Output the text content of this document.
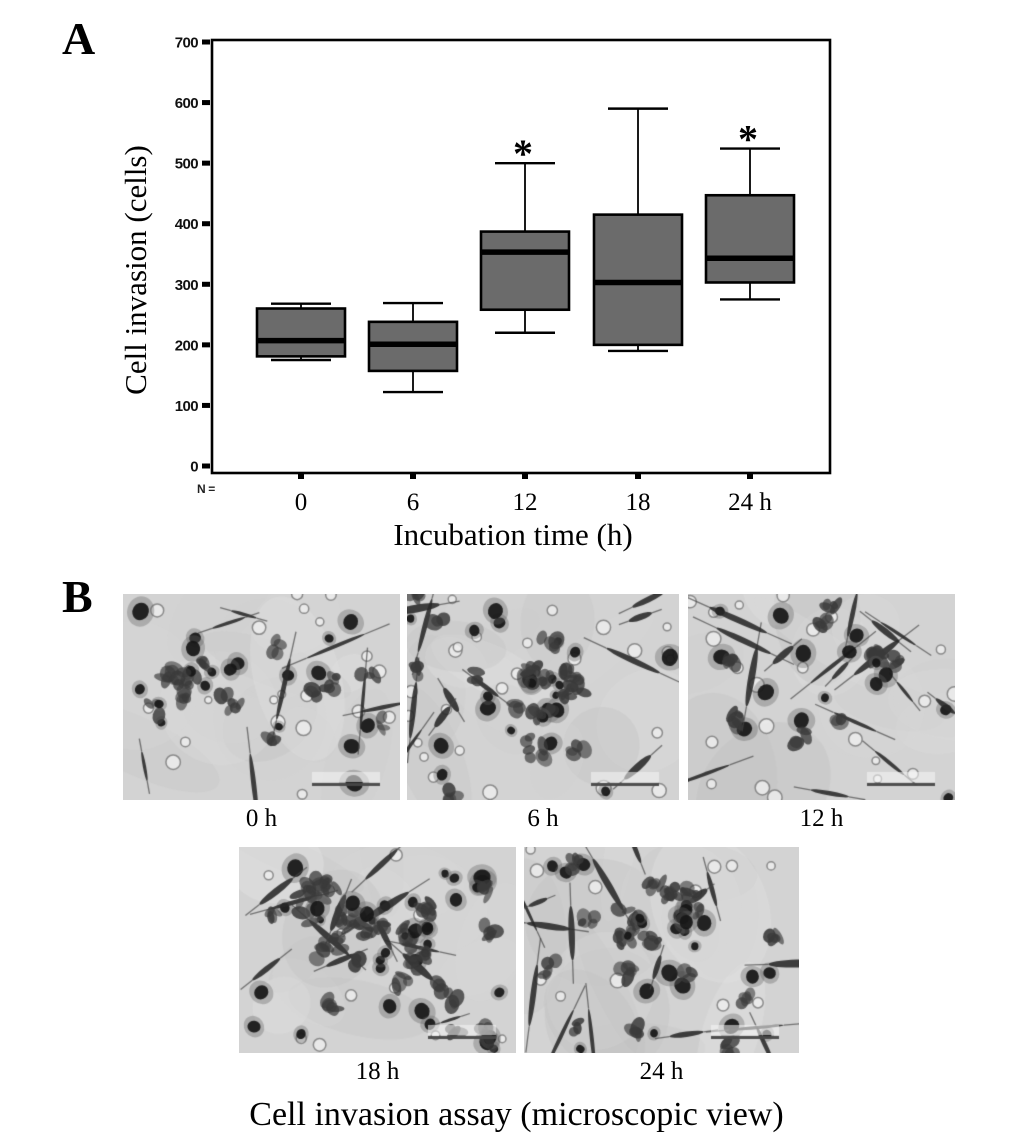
A	700
600
500
400
300
200
100
0
N =	0	6	12
*
18	24 h
*
Cell invasion (cells)
Incubation time (h)
B
0 h	6 h	12 h
18 h	24 h
Cell invasion assay (microscopic view)
